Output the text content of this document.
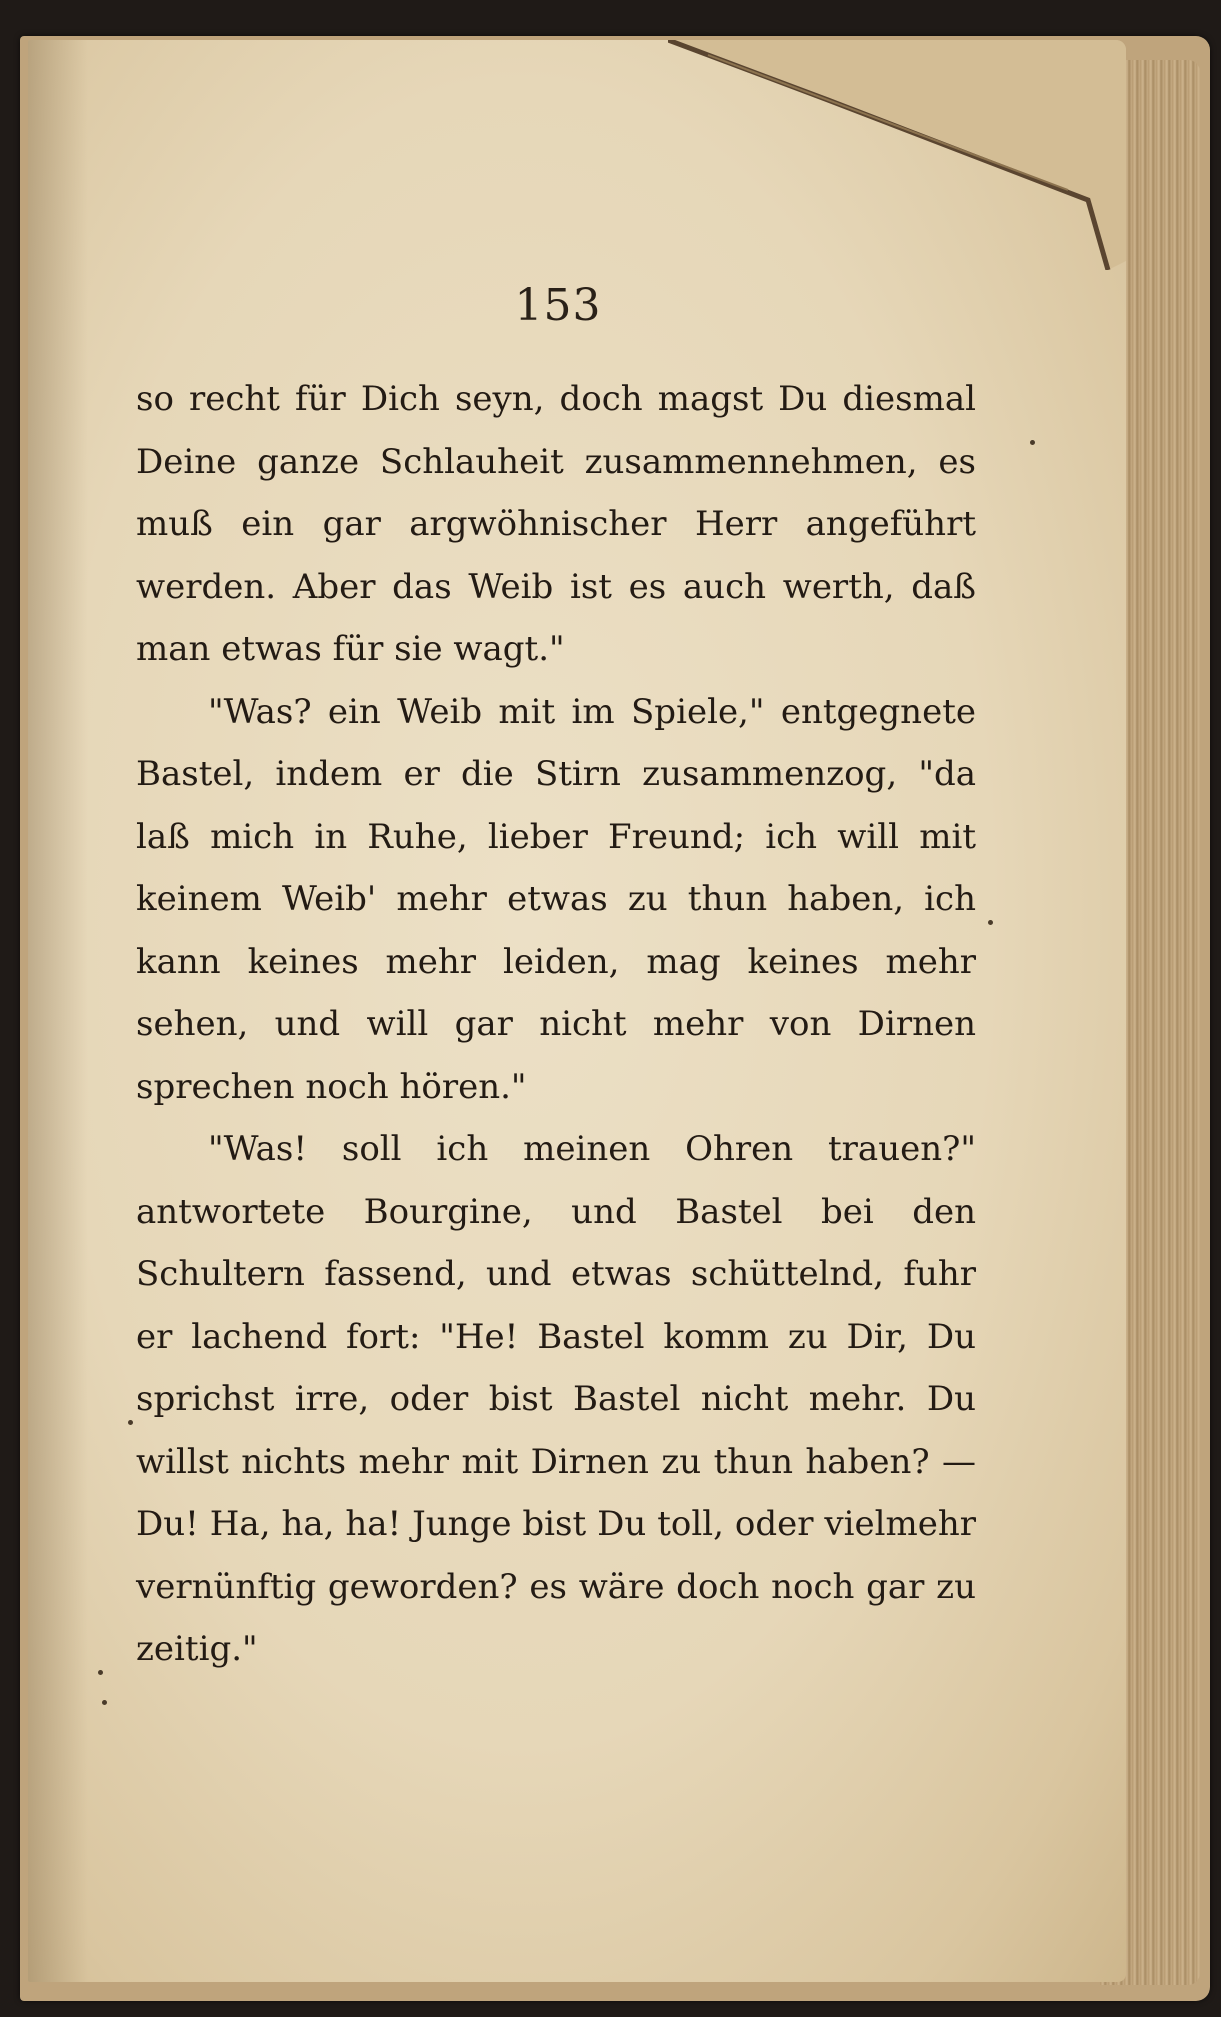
153

so recht für Dich seyn, doch magst Du diesmal Deine ganze Schlauheit zusammennehmen, es muß ein gar argwöhnischer Herr angeführt werden. Aber das Weib ist es auch werth, daß man etwas für sie wagt."

"Was? ein Weib mit im Spiele," entgegnete Bastel, indem er die Stirn zusammenzog, "da laß mich in Ruhe, lieber Freund; ich will mit keinem Weib' mehr etwas zu thun haben, ich kann keines mehr leiden, mag keines mehr sehen, und will gar nicht mehr von Dirnen sprechen noch hören."

"Was! soll ich meinen Ohren trauen?" antwortete Bourgine, und Bastel bei den Schultern fassend, und etwas schüttelnd, fuhr er lachend fort: "He! Bastel komm zu Dir, Du sprichst irre, oder bist Bastel nicht mehr. Du willst nichts mehr mit Dirnen zu thun haben? — Du! Ha, ha, ha! Junge bist Du toll, oder vielmehr vernünftig geworden? es wäre doch noch gar zu zeitig."
